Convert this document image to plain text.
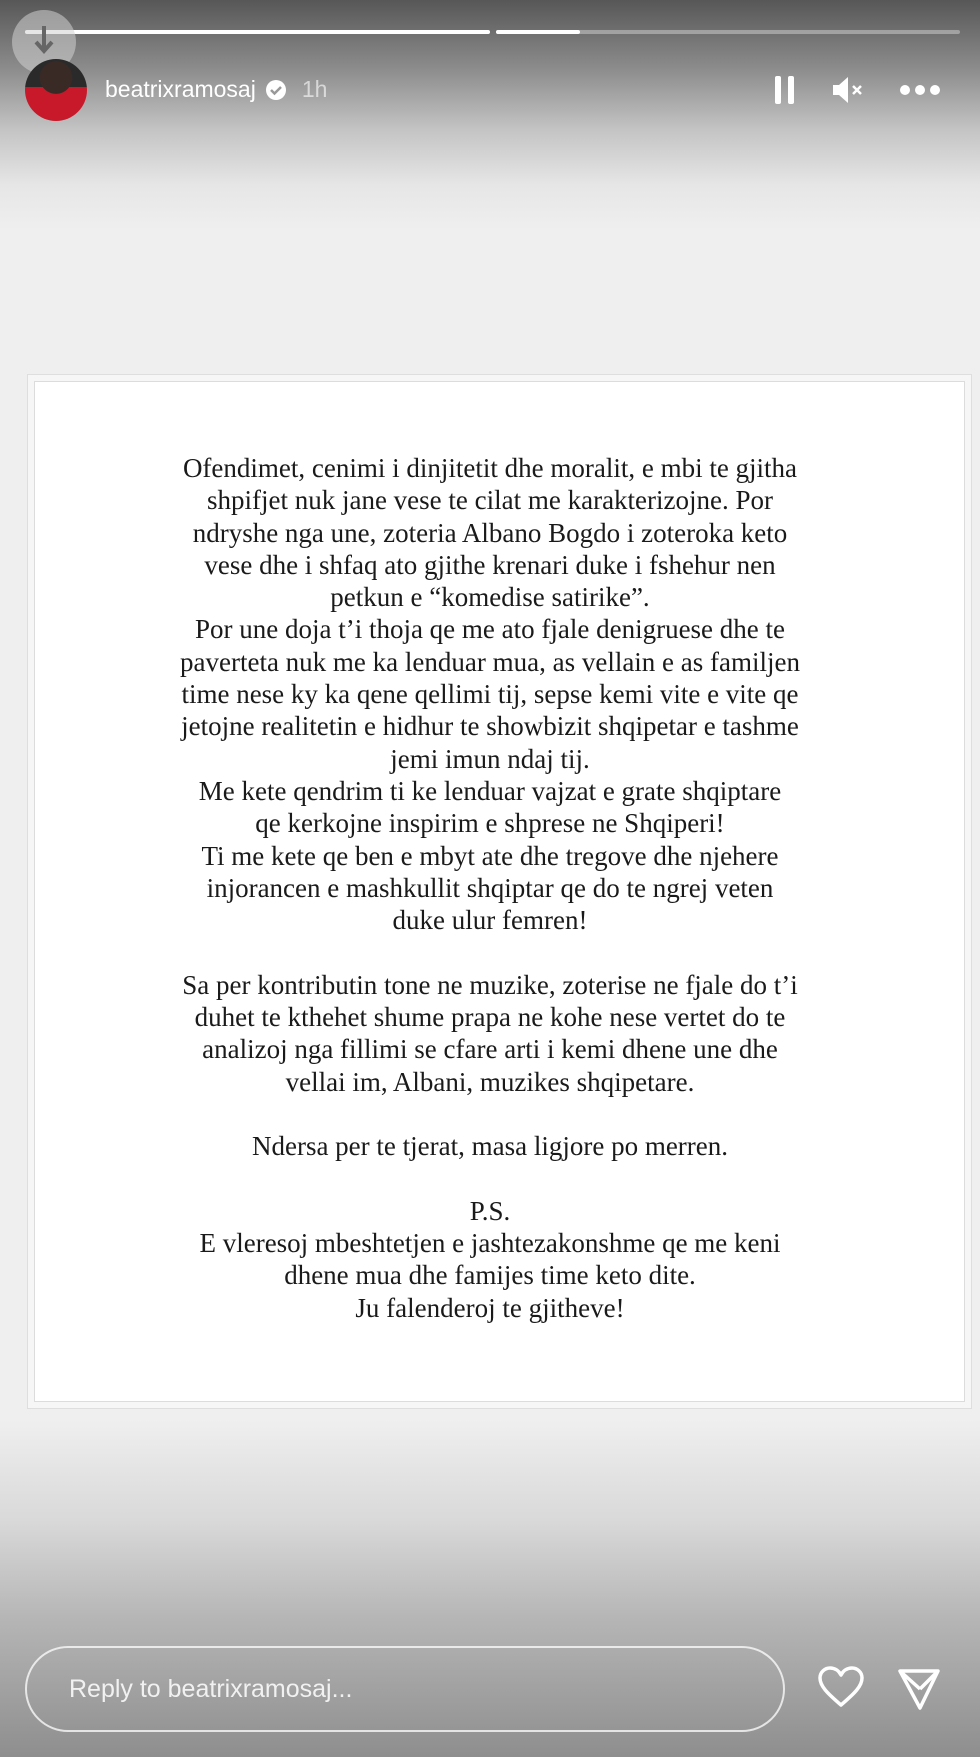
beatrixramosaj 1h
Ofendimet, cenimi i dinjitetit dhe moralit, e mbi te gjitha
shpifjet nuk jane vese te cilat me karakterizojne. Por
ndryshe nga une, zoteria Albano Bogdo i zoteroka keto
vese dhe i shfaq ato gjithe krenari duke i fshehur nen
petkun e “komedise satirike”.
Por une doja t’i thoja qe me ato fjale denigruese dhe te
paverteta nuk me ka lenduar mua, as vellain e as familjen
time nese ky ka qene qellimi tij, sepse kemi vite e vite qe
jetojne realitetin e hidhur te showbizit shqipetar e tashme
jemi imun ndaj tij.
Me kete qendrim ti ke lenduar vajzat e grate shqiptare
qe kerkojne inspirim e shprese ne Shqiperi!
Ti me kete qe ben e mbyt ate dhe tregove dhe njehere
injorancen e mashkullit shqiptar qe do te ngrej veten
duke ulur femren!
Sa per kontributin tone ne muzike, zoterise ne fjale do t’i
duhet te kthehet shume prapa ne kohe nese vertet do te
analizoj nga fillimi se cfare arti i kemi dhene une dhe
vellai im, Albani, muzikes shqipetare.
Ndersa per te tjerat, masa ligjore po merren.
P.S.
E vleresoj mbeshtetjen e jashtezakonshme qe me keni
dhene mua dhe famijes time keto dite.
Ju falenderoj te gjitheve!
Reply to beatrixramosaj...
